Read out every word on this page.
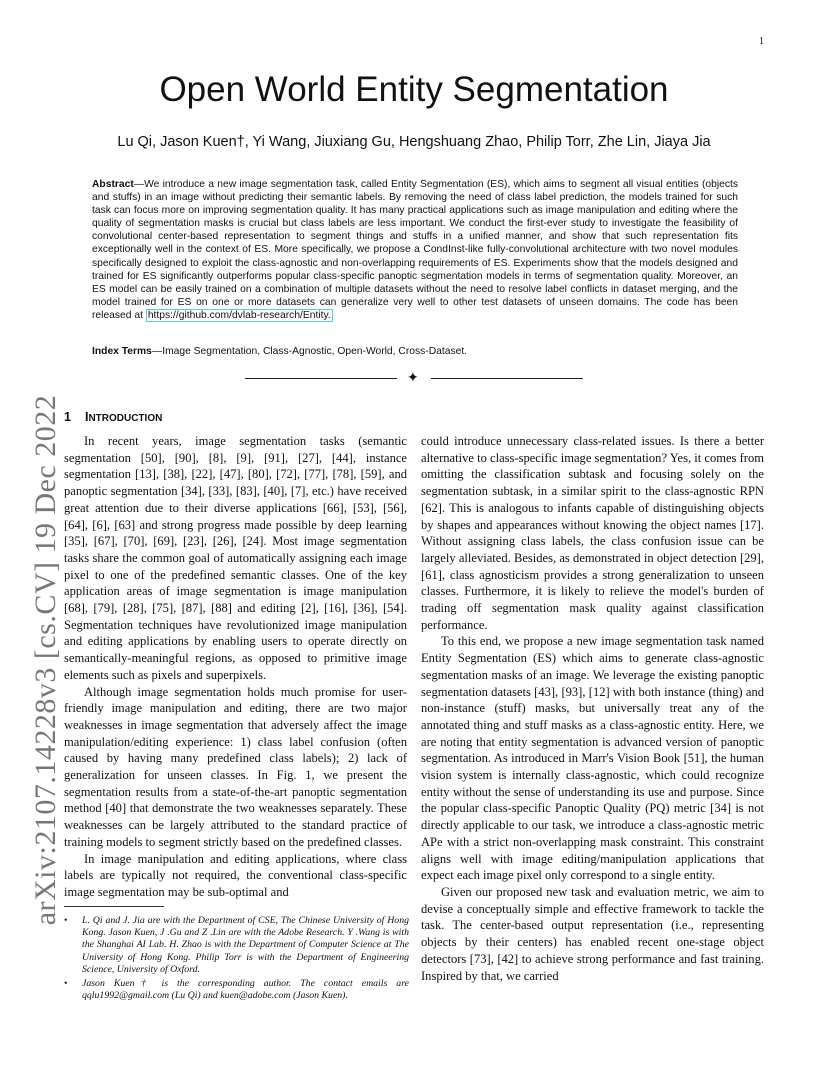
1
arXiv:2107.14228v3 [cs.CV] 19 Dec 2022
Open World Entity Segmentation
Lu Qi, Jason Kuen†, Yi Wang, Jiuxiang Gu, Hengshuang Zhao, Philip Torr, Zhe Lin, Jiaya Jia
Abstract—We introduce a new image segmentation task, called Entity Segmentation (ES), which aims to segment all visual entities (objects and stuffs) in an image without predicting their semantic labels. By removing the need of class label prediction, the models trained for such task can focus more on improving segmentation quality. It has many practical applications such as image manipulation and editing where the quality of segmentation masks is crucial but class labels are less important. We conduct the first-ever study to investigate the feasibility of convolutional center-based representation to segment things and stuffs in a unified manner, and show that such representation fits exceptionally well in the context of ES. More specifically, we propose a CondInst-like fully-convolutional architecture with two novel modules specifically designed to exploit the class-agnostic and non-overlapping requirements of ES. Experiments show that the models designed and trained for ES significantly outperforms popular class-specific panoptic segmentation models in terms of segmentation quality. Moreover, an ES model can be easily trained on a combination of multiple datasets without the need to resolve label conflicts in dataset merging, and the model trained for ES on one or more datasets can generalize very well to other test datasets of unseen domains. The code has been released at https://github.com/dvlab-research/Entity.
Index Terms—Image Segmentation, Class-Agnostic, Open-World, Cross-Dataset.
✦
1 INTRODUCTION

In recent years, image segmentation tasks (semantic segmentation [50], [90], [8], [9], [91], [27], [44], instance segmentation [13], [38], [22], [47], [80], [72], [77], [78], [59], and panoptic segmentation [34], [33], [83], [40], [7], etc.) have received great attention due to their diverse applications [66], [53], [56], [64], [6], [63] and strong progress made possible by deep learning [35], [67], [70], [69], [23], [26], [24]. Most image segmentation tasks share the common goal of automatically assigning each image pixel to one of the predefined semantic classes. One of the key application areas of image segmentation is image manipulation [68], [79], [28], [75], [87], [88] and editing [2], [16], [36], [54]. Segmentation techniques have revolutionized image manipulation and editing applications by enabling users to operate directly on semantically-meaningful regions, as opposed to primitive image elements such as pixels and superpixels.

Although image segmentation holds much promise for user-friendly image manipulation and editing, there are two major weaknesses in image segmentation that adversely affect the image manipulation/editing experience: 1) class label confusion (often caused by having many predefined class labels); 2) lack of generalization for unseen classes. In Fig. 1, we present the segmentation results from a state-of-the-art panoptic segmentation method [40] that demonstrate the two weaknesses separately. These weaknesses can be largely attributed to the standard practice of training models to segment strictly based on the predefined classes.

In image manipulation and editing applications, where class labels are typically not required, the conventional class-specific image segmentation may be sub-optimal and

could introduce unnecessary class-related issues. Is there a better alternative to class-specific image segmentation? Yes, it comes from omitting the classification subtask and focusing solely on the segmentation subtask, in a similar spirit to the class-agnostic RPN [62]. This is analogous to infants capable of distinguishing objects by shapes and appearances without knowing the object names [17]. Without assigning class labels, the class confusion issue can be largely alleviated. Besides, as demonstrated in object detection [29], [61], class agnosticism provides a strong generalization to unseen classes. Furthermore, it is likely to relieve the model's burden of trading off segmentation mask quality against classification performance.

To this end, we propose a new image segmentation task named Entity Segmentation (ES) which aims to generate class-agnostic segmentation masks of an image. We leverage the existing panoptic segmentation datasets [43], [93], [12] with both instance (thing) and non-instance (stuff) masks, but universally treat any of the annotated thing and stuff masks as a class-agnostic entity. Here, we are noting that entity segmentation is advanced version of panoptic segmentation. As introduced in Marr's Vision Book [51], the human vision system is internally class-agnostic, which could recognize entity without the sense of understanding its use and purpose. Since the popular class-specific Panoptic Quality (PQ) metric [34] is not directly applicable to our task, we introduce a class-agnostic metric APe with a strict non-overlapping mask constraint. This constraint aligns well with image editing/manipulation applications that expect each image pixel only correspond to a single entity.

Given our proposed new task and evaluation metric, we aim to devise a conceptually simple and effective framework to tackle the task. The center-based output representation (i.e., representing objects by their centers) has enabled recent one-stage object detectors [73], [42] to achieve strong performance and fast training. Inspired by that, we carried

• L. Qi and J. Jia are with the Department of CSE, The Chinese University of Hong Kong. Jason Kuen, J .Gu and Z .Lin are with the Adobe Research. Y .Wang is with the Shanghai AI Lab. H. Zhao is with the Department of Computer Science at The University of Hong Kong. Philip Torr is with the Department of Engineering Science, University of Oxford.
• Jason Kuen† is the corresponding author. The contact emails are qqlu1992@gmail.com (Lu Qi) and kuen@adobe.com (Jason Kuen).
